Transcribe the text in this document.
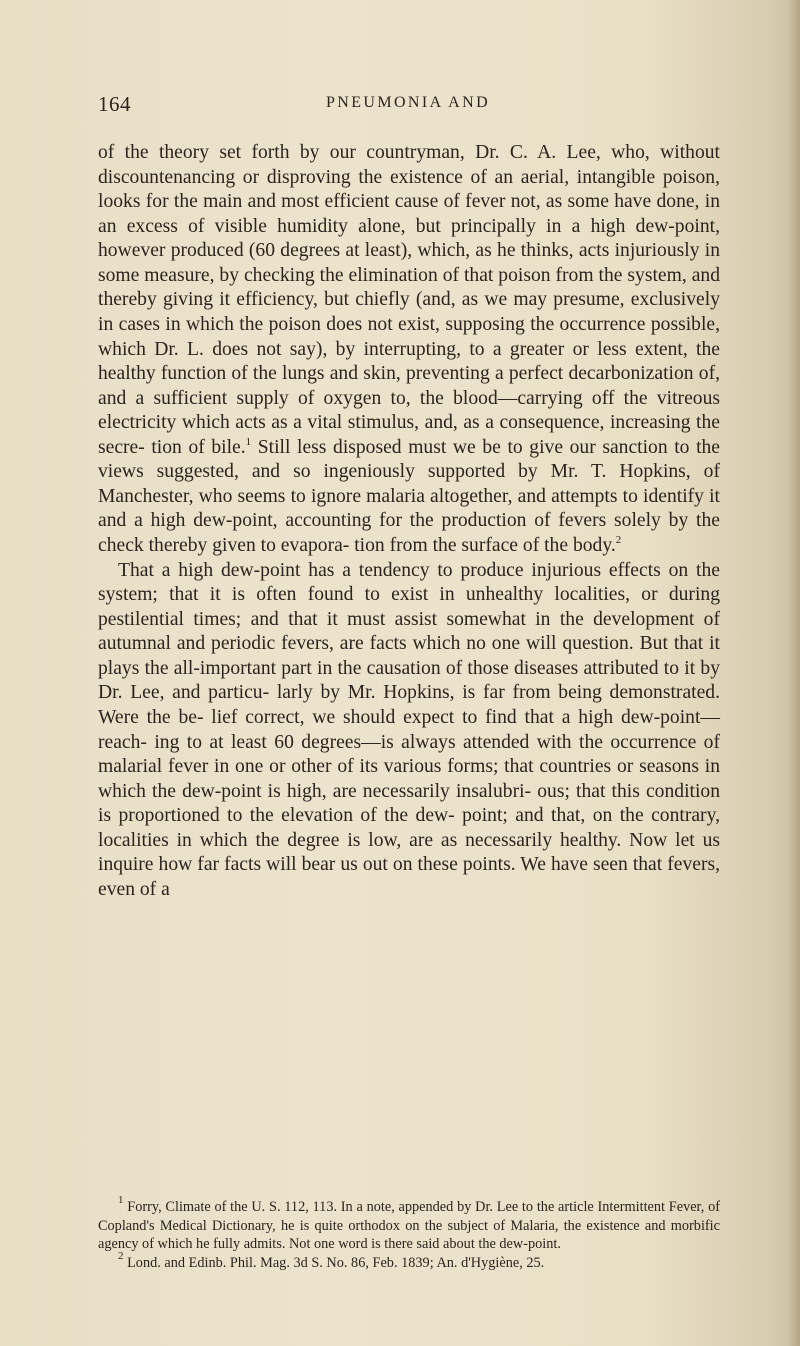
164	PNEUMONIA AND

of the theory set forth by our countryman, Dr. C. A. Lee, who, without discountenancing or disproving the existence of an aerial, intangible poison, looks for the main and most efficient cause of fever not, as some have done, in an excess of visible humidity alone, but principally in a high dew-point, however produced (60 degrees at least), which, as he thinks, acts injuriously in some measure, by checking the elimination of that poison from the system, and thereby giving it efficiency, but chiefly (and, as we may presume, exclusively in cases in which the poison does not exist, supposing the occurrence possible, which Dr. L. does not say), by interrupting, to a greater or less extent, the healthy function of the lungs and skin, preventing a perfect decarbonization of, and a sufficient supply of oxygen to, the blood—carrying off the vitreous electricity which acts as a vital stimulus, and, as a consequence, increasing the secre- tion of bile.$^1$ Still less disposed must we be to give our sanction to the views suggested, and so ingeniously supported by Mr. T. Hopkins, of Manchester, who seems to ignore malaria altogether, and attempts to identify it and a high dew-point, accounting for the production of fevers solely by the check thereby given to evapora- tion from the surface of the body.$^2$

That a high dew-point has a tendency to produce injurious effects on the system; that it is often found to exist in unhealthy localities, or during pestilential times; and that it must assist somewhat in the development of autumnal and periodic fevers, are facts which no one will question. But that it plays the all-important part in the causation of those diseases attributed to it by Dr. Lee, and particu- larly by Mr. Hopkins, is far from being demonstrated. Were the be- lief correct, we should expect to find that a high dew-point—reach- ing to at least 60 degrees—is always attended with the occurrence of malarial fever in one or other of its various forms; that countries or seasons in which the dew-point is high, are necessarily insalubri- ous; that this condition is proportioned to the elevation of the dew- point; and that, on the contrary, localities in which the degree is low, are as necessarily healthy. Now let us inquire how far facts will bear us out on these points. We have seen that fevers, even of a

$^1$ Forry, Climate of the U. S. 112, 113. In a note, appended by Dr. Lee to the article Intermittent Fever, of Copland's Medical Dictionary, he is quite orthodox on the subject of Malaria, the existence and morbific agency of which he fully admits. Not one word is there said about the dew-point.

$^2$ Lond. and Edinb. Phil. Mag. 3d S. No. 86, Feb. 1839; An. d'Hygiène, 25.
